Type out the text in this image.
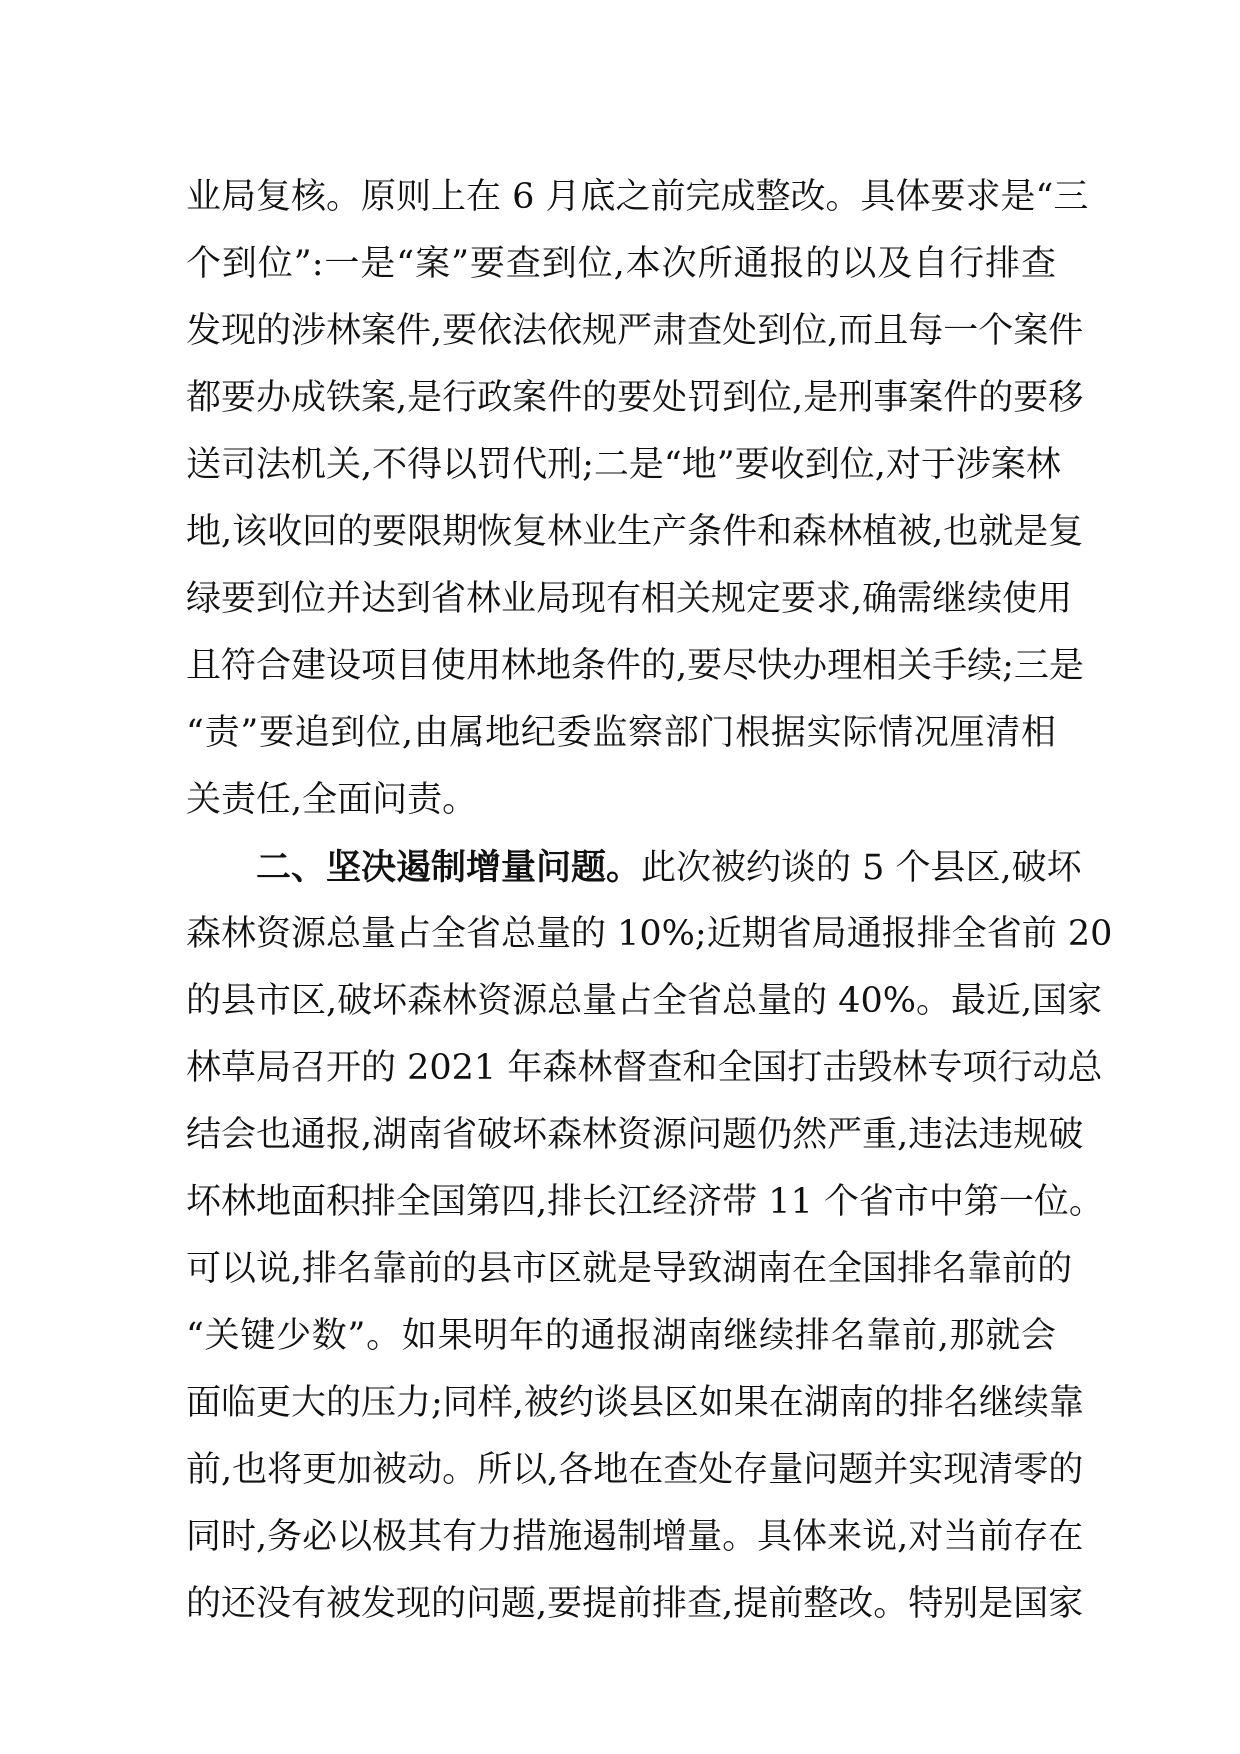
业局复核。原则上在 6 月底之前完成整改。具体要求是“三
个到位”:一是“案”要查到位,本次所通报的以及自行排查
发现的涉林案件,要依法依规严肃查处到位,而且每一个案件
都要办成铁案,是行政案件的要处罚到位,是刑事案件的要移
送司法机关,不得以罚代刑;二是“地”要收到位,对于涉案林
地,该收回的要限期恢复林业生产条件和森林植被,也就是复
绿要到位并达到省林业局现有相关规定要求,确需继续使用
且符合建设项目使用林地条件的,要尽快办理相关手续;三是
“责”要追到位,由属地纪委监察部门根据实际情况厘清相
关责任,全面问责。
二、坚决遏制增量问题。此次被约谈的 5 个县区,破坏
森林资源总量占全省总量的 10%;近期省局通报排全省前 20
的县市区,破坏森林资源总量占全省总量的 40%。最近,国家
林草局召开的 2021 年森林督查和全国打击毁林专项行动总
结会也通报,湖南省破坏森林资源问题仍然严重,违法违规破
坏林地面积排全国第四,排长江经济带 11 个省市中第一位。
可以说,排名靠前的县市区就是导致湖南在全国排名靠前的
“关键少数”。如果明年的通报湖南继续排名靠前,那就会
面临更大的压力;同样,被约谈县区如果在湖南的排名继续靠
前,也将更加被动。所以,各地在查处存量问题并实现清零的
同时,务必以极其有力措施遏制增量。具体来说,对当前存在
的还没有被发现的问题,要提前排查,提前整改。特别是国家
